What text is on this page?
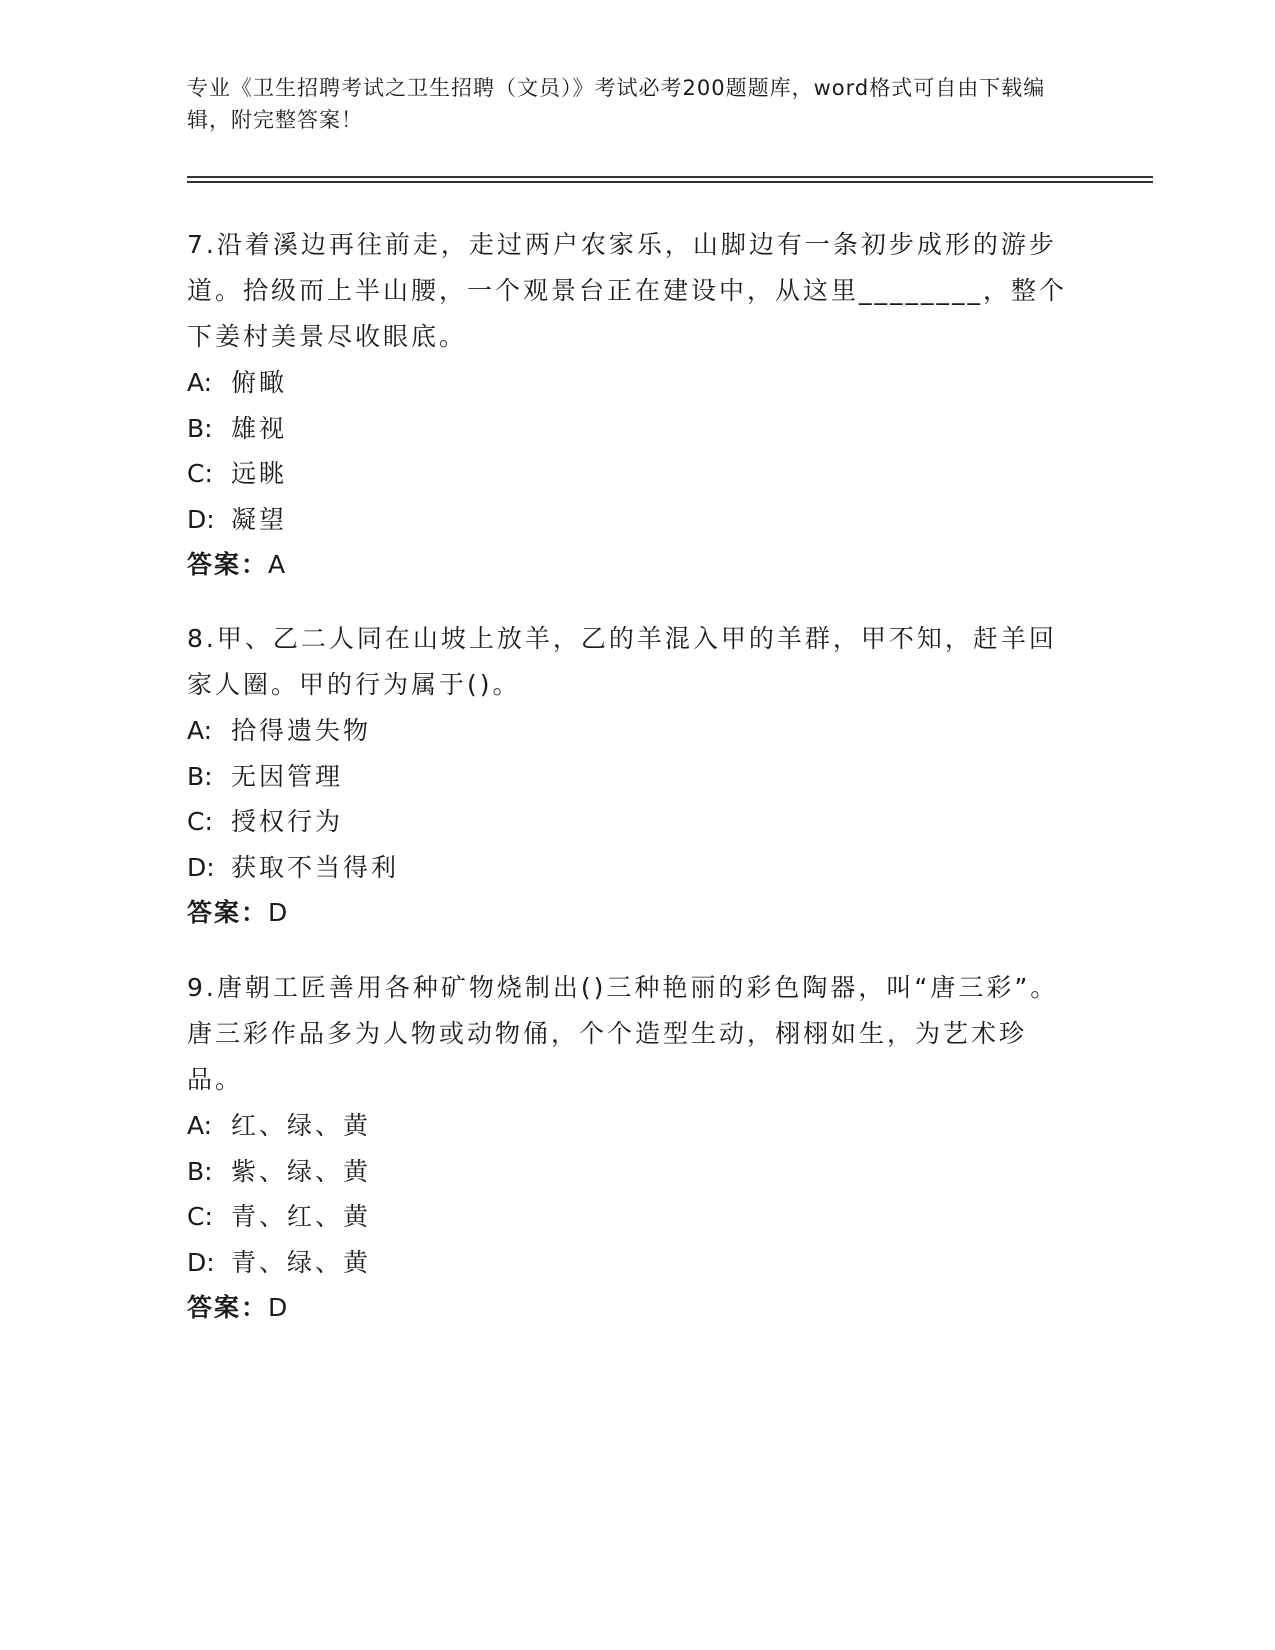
专业《卫生招聘考试之卫生招聘（文员）》考试必考200题题库，word格式可自由下载编辑，附完整答案！

7.沿着溪边再往前走，走过两户农家乐，山脚边有一条初步成形的游步道。拾级而上半山腰，一个观景台正在建设中，从这里________，整个下姜村美景尽收眼底。

A: 俯瞰
B: 雄视
C: 远眺
D: 凝望
答案：A

8.甲、乙二人同在山坡上放羊，乙的羊混入甲的羊群，甲不知，赶羊回家人圈。甲的行为属于()。

A: 拾得遗失物
B: 无因管理
C: 授权行为
D: 获取不当得利
答案：D

9.唐朝工匠善用各种矿物烧制出()三种艳丽的彩色陶器，叫“唐三彩”。唐三彩作品多为人物或动物俑，个个造型生动，栩栩如生，为艺术珍品。

A: 红、绿、黄
B: 紫、绿、黄
C: 青、红、黄
D: 青、绿、黄
答案：D
